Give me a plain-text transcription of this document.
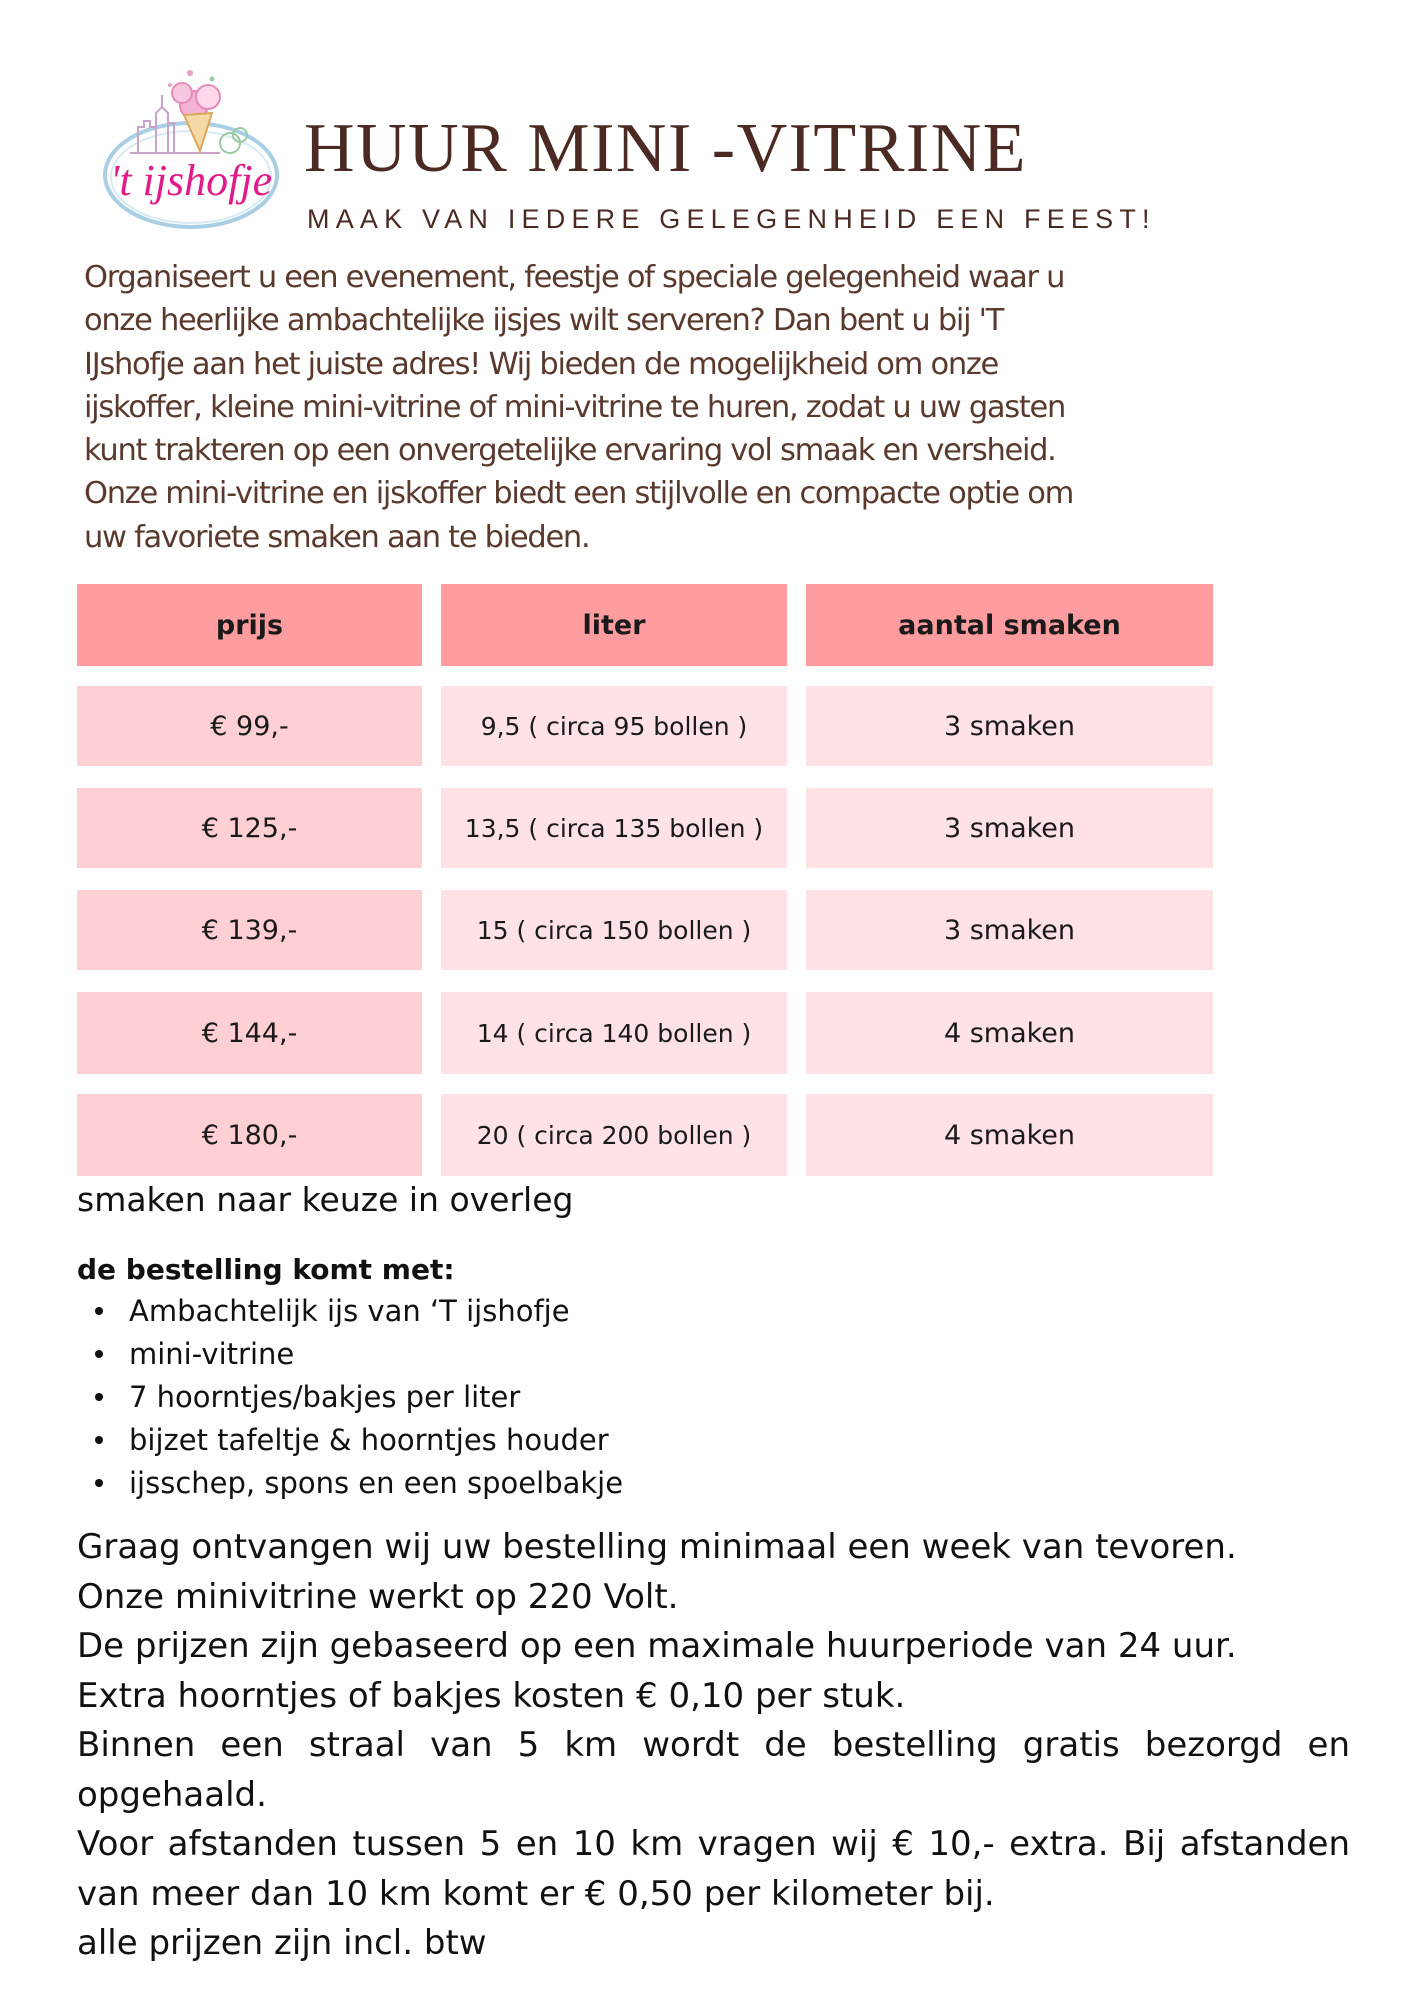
't ijshofje HUUR MINI -VITRINE
MAAK VAN IEDERE GELEGENHEID EEN FEEST!
Organiseert u een evenement, feestje of speciale gelegenheid waar u
onze heerlijke ambachtelijke ijsjes wilt serveren? Dan bent u bij 'T
IJshofje aan het juiste adres! Wij bieden de mogelijkheid om onze
ijskoffer, kleine mini-vitrine of mini-vitrine te huren, zodat u uw gasten
kunt trakteren op een onvergetelijke ervaring vol smaak en versheid.
Onze mini-vitrine en ijskoffer biedt een stijlvolle en compacte optie om
uw favoriete smaken aan te bieden.
prijs	liter	aantal smaken
€ 99,-	9,5 ( circa 95 bollen )	3 smaken
€ 125,-	13,5 ( circa 135 bollen )	3 smaken
€ 139,-	15 ( circa 150 bollen )	3 smaken
€ 144,-	14 ( circa 140 bollen )	4 smaken
€ 180,-	20 ( circa 200 bollen )	4 smaken
smaken naar keuze in overleg
de bestelling komt met:
Ambachtelijk ijs van ‘T ijshofje
mini-vitrine
7 hoorntjes/bakjes per liter
bijzet tafeltje & hoorntjes houder
ijsschep, spons en een spoelbakje
Graag ontvangen wij uw bestelling minimaal een week van tevoren.
Onze minivitrine werkt op 220 Volt.
De prijzen zijn gebaseerd op een maximale huurperiode van 24 uur.
Extra hoorntjes of bakjes kosten € 0,10 per stuk.
Binnen een straal van 5 km wordt de bestelling gratis bezorgd en opgehaald.
Voor afstanden tussen 5 en 10 km vragen wij € 10,- extra. Bij afstanden van meer dan 10 km komt er € 0,50 per kilometer bij.
alle prijzen zijn incl. btw
